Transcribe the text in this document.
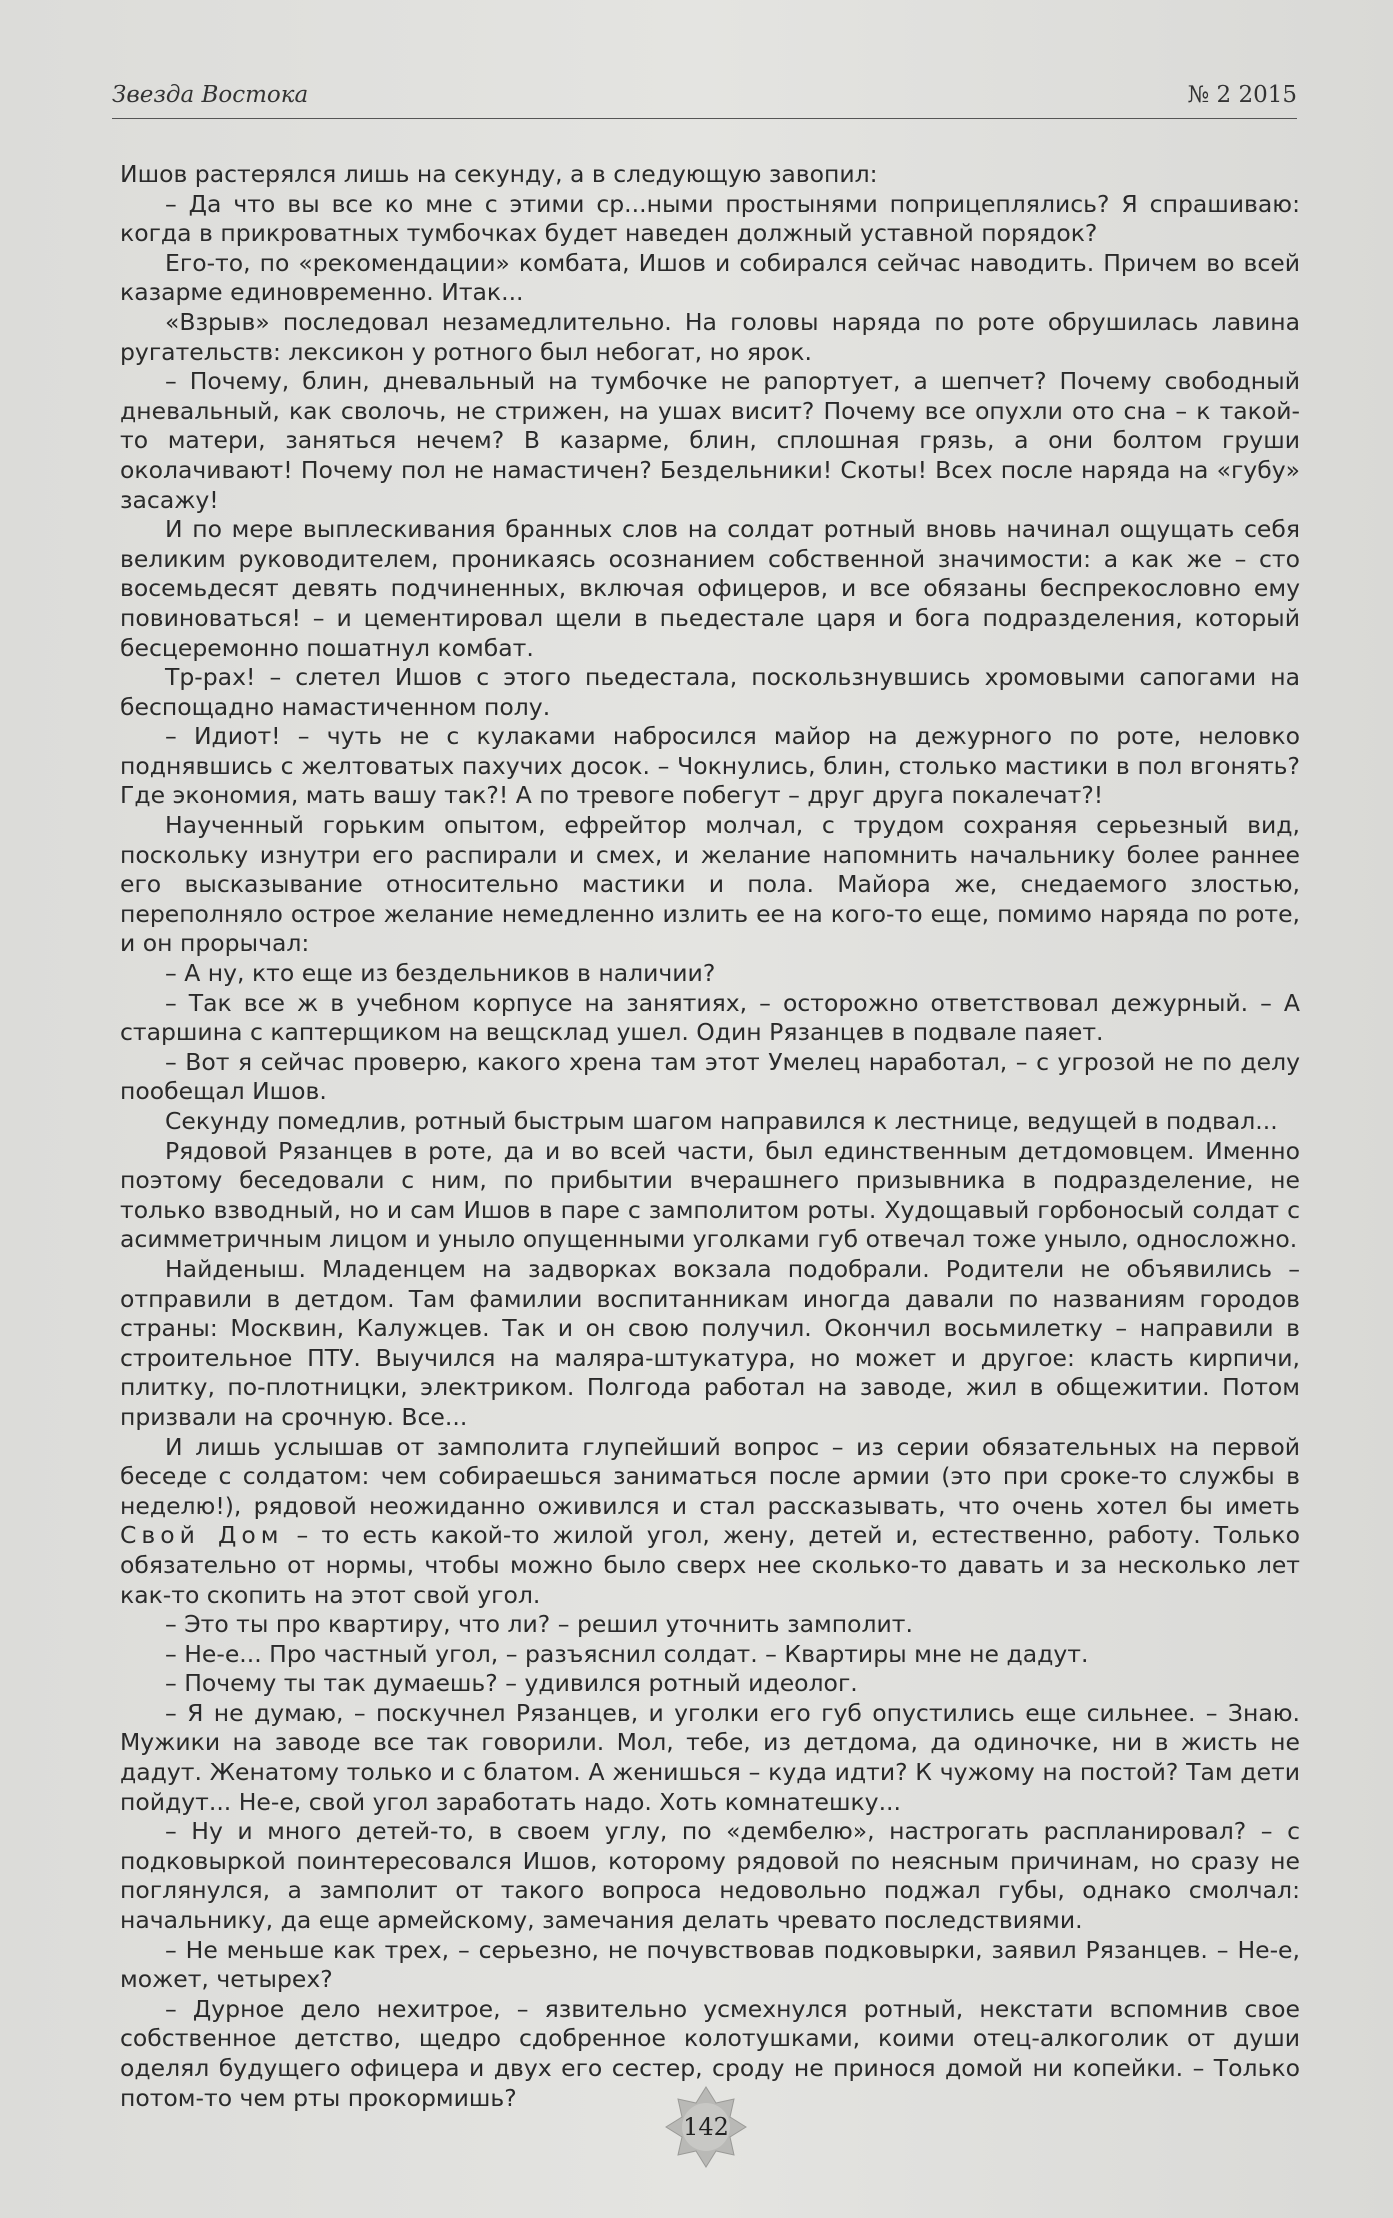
Звезда Востока	№ 2 2015

Ишов растерялся лишь на секунду, а в следующую завопил:

– Да что вы все ко мне с этими ср...ными простынями поприцеплялись? Я спрашиваю: когда в прикроватных тумбочках будет наведен должный уставной порядок?

Его-то, по «рекомендации» комбата, Ишов и собирался сейчас наводить. Причем во всей казарме единовременно. Итак...

«Взрыв» последовал незамедлительно. На головы наряда по роте обрушилась лавина ругательств: лексикон у ротного был небогат, но ярок.

– Почему, блин, дневальный на тумбочке не рапортует, а шепчет? Почему свободный дневальный, как сволочь, не стрижен, на ушах висит? Почему все опухли ото сна – к такой-то матери, заняться нечем? В казарме, блин, сплошная грязь, а они болтом груши околачивают! Почему пол не намастичен? Бездельники! Скоты! Всех после наряда на «губу» засажу!

И по мере выплескивания бранных слов на солдат ротный вновь начинал ощущать себя великим руководителем, проникаясь осознанием собственной значимости: а как же – сто восемьдесят девять подчиненных, включая офицеров, и все обязаны беспрекословно ему повиноваться! – и цементировал щели в пьедестале царя и бога подразделения, который бесцеремонно пошатнул комбат.

Тр-рах! – слетел Ишов с этого пьедестала, поскользнувшись хромовыми сапогами на беспощадно намастиченном полу.

– Идиот! – чуть не с кулаками набросился майор на дежурного по роте, неловко поднявшись с желтоватых пахучих досок. – Чокнулись, блин, столько мастики в пол вгонять? Где экономия, мать вашу так?! А по тревоге побегут – друг друга покалечат?!

Наученный горьким опытом, ефрейтор молчал, с трудом сохраняя серьезный вид, поскольку изнутри его распирали и смех, и желание напомнить начальнику более раннее его высказывание относительно мастики и пола. Майора же, снедаемого злостью, переполняло острое желание немедленно излить ее на кого-то еще, помимо наряда по роте, и он прорычал:

– А ну, кто еще из бездельников в наличии?

– Так все ж в учебном корпусе на занятиях, – осторожно ответствовал дежурный. – А старшина с каптерщиком на вещсклад ушел. Один Рязанцев в подвале паяет.

– Вот я сейчас проверю, какого хрена там этот Умелец наработал, – с угрозой не по делу пообещал Ишов.

Секунду помедлив, ротный быстрым шагом направился к лестнице, ведущей в подвал...

Рядовой Рязанцев в роте, да и во всей части, был единственным детдомовцем. Именно поэтому беседовали с ним, по прибытии вчерашнего призывника в подразделение, не только взводный, но и сам Ишов в паре с замполитом роты. Худощавый горбоносый солдат с асимметричным лицом и уныло опущенными уголками губ отвечал тоже уныло, односложно.

Найденыш. Младенцем на задворках вокзала подобрали. Родители не объявились – отправили в детдом. Там фамилии воспитанникам иногда давали по названиям городов страны: Москвин, Калужцев. Так и он свою получил. Окончил восьмилетку – направили в строительное ПТУ. Выучился на маляра-штукатура, но может и другое: класть кирпичи, плитку, по-плотницки, электриком. Полгода работал на заводе, жил в общежитии. Потом призвали на срочную. Все...

И лишь услышав от замполита глупейший вопрос – из серии обязательных на первой беседе с солдатом: чем собираешься заниматься после армии (это при сроке-то службы в неделю!), рядовой неожиданно оживился и стал рассказывать, что очень хотел бы иметь Свой Дом – то есть какой-то жилой угол, жену, детей и, естественно, работу. Только обязательно от нормы, чтобы можно было сверх нее сколько-то давать и за несколько лет как-то скопить на этот свой угол.

– Это ты про квартиру, что ли? – решил уточнить замполит.

– Не-е... Про частный угол, – разъяснил солдат. – Квартиры мне не дадут.

– Почему ты так думаешь? – удивился ротный идеолог.

– Я не думаю, – поскучнел Рязанцев, и уголки его губ опустились еще сильнее. – Знаю. Мужики на заводе все так говорили. Мол, тебе, из детдома, да одиночке, ни в жисть не дадут. Женатому только и с блатом. А женишься – куда идти? К чужому на постой? Там дети пойдут... Не-е, свой угол заработать надо. Хоть комнатешку...

– Ну и много детей-то, в своем углу, по «дембелю», настрогать распланировал? – с подковыркой поинтересовался Ишов, которому рядовой по неясным причинам, но сразу не поглянулся, а замполит от такого вопроса недовольно поджал губы, однако смолчал: начальнику, да еще армейскому, замечания делать чревато последствиями.

– Не меньше как трех, – серьезно, не почувствовав подковырки, заявил Рязанцев. – Не-е, может, четырех?

– Дурное дело нехитрое, – язвительно усмехнулся ротный, некстати вспомнив свое собственное детство, щедро сдобренное колотушками, коими отец-алкоголик от души оделял будущего офицера и двух его сестер, сроду не принося домой ни копейки. – Только потом-то чем рты прокормишь?

142
